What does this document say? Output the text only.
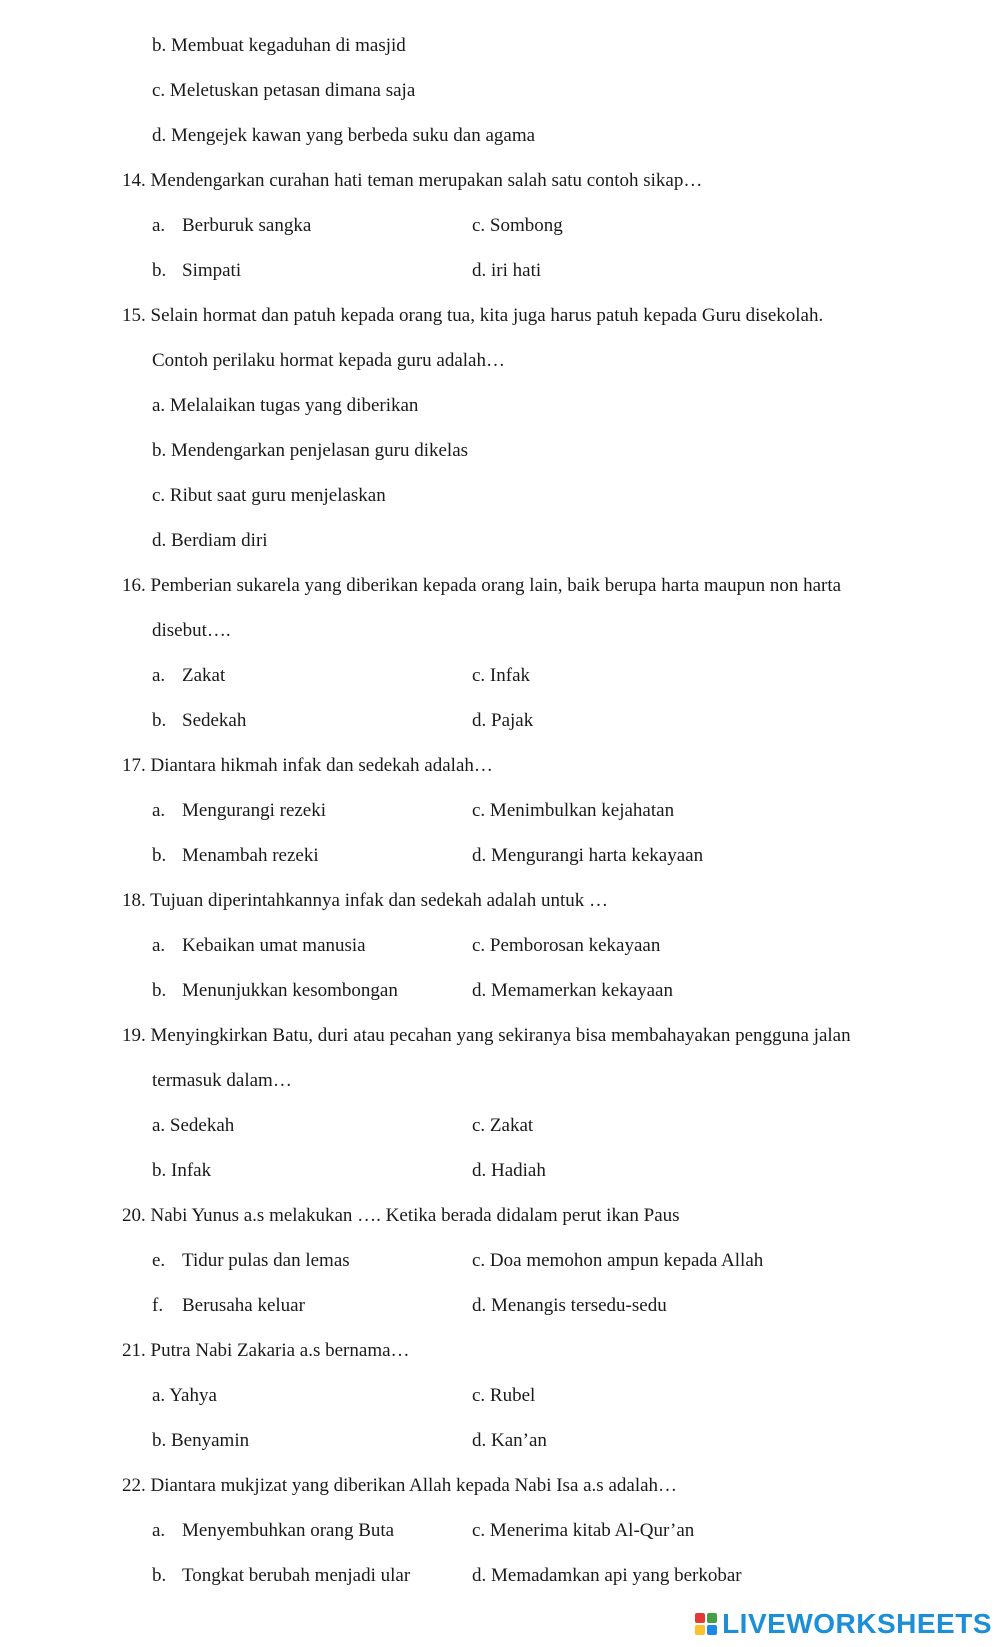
b. Membuat kegaduhan di masjid
c. Meletuskan petasan dimana saja
d. Mengejek kawan yang berbeda suku dan agama
14. Mendengarkan curahan hati teman merupakan salah satu contoh sikap…
a. Berburuk sangka	c. Sombong
b. Simpati	d. iri hati
15. Selain hormat dan patuh kepada orang tua, kita juga harus patuh kepada Guru disekolah.
Contoh perilaku hormat kepada guru adalah…
a. Melalaikan tugas yang diberikan
b. Mendengarkan penjelasan guru dikelas
c. Ribut saat guru menjelaskan
d. Berdiam diri
16. Pemberian sukarela yang diberikan kepada orang lain, baik berupa harta maupun non harta
disebut….
a. Zakat	c. Infak
b. Sedekah	d. Pajak
17. Diantara hikmah infak dan sedekah adalah…
a. Mengurangi rezeki	c. Menimbulkan kejahatan
b. Menambah rezeki	d. Mengurangi harta kekayaan
18. Tujuan diperintahkannya infak dan sedekah adalah untuk …
a. Kebaikan umat manusia	c. Pemborosan kekayaan
b. Menunjukkan kesombongan	d. Memamerkan kekayaan
19. Menyingkirkan Batu, duri atau pecahan yang sekiranya bisa membahayakan pengguna jalan
termasuk dalam…
a. Sedekah	c. Zakat
b. Infak	d. Hadiah
20. Nabi Yunus a.s melakukan …. Ketika berada didalam perut ikan Paus
e. Tidur pulas dan lemas	c. Doa memohon ampun kepada Allah
f. Berusaha keluar	d. Menangis tersedu-sedu
21. Putra Nabi Zakaria a.s bernama…
a. Yahya	c. Rubel
b. Benyamin	d. Kan’an
22. Diantara mukjizat yang diberikan Allah kepada Nabi Isa a.s adalah…
a. Menyembuhkan orang Buta	c. Menerima kitab Al-Qur’an
b. Tongkat berubah menjadi ular	d. Memadamkan api yang berkobar
LIVEWORKSHEETS
